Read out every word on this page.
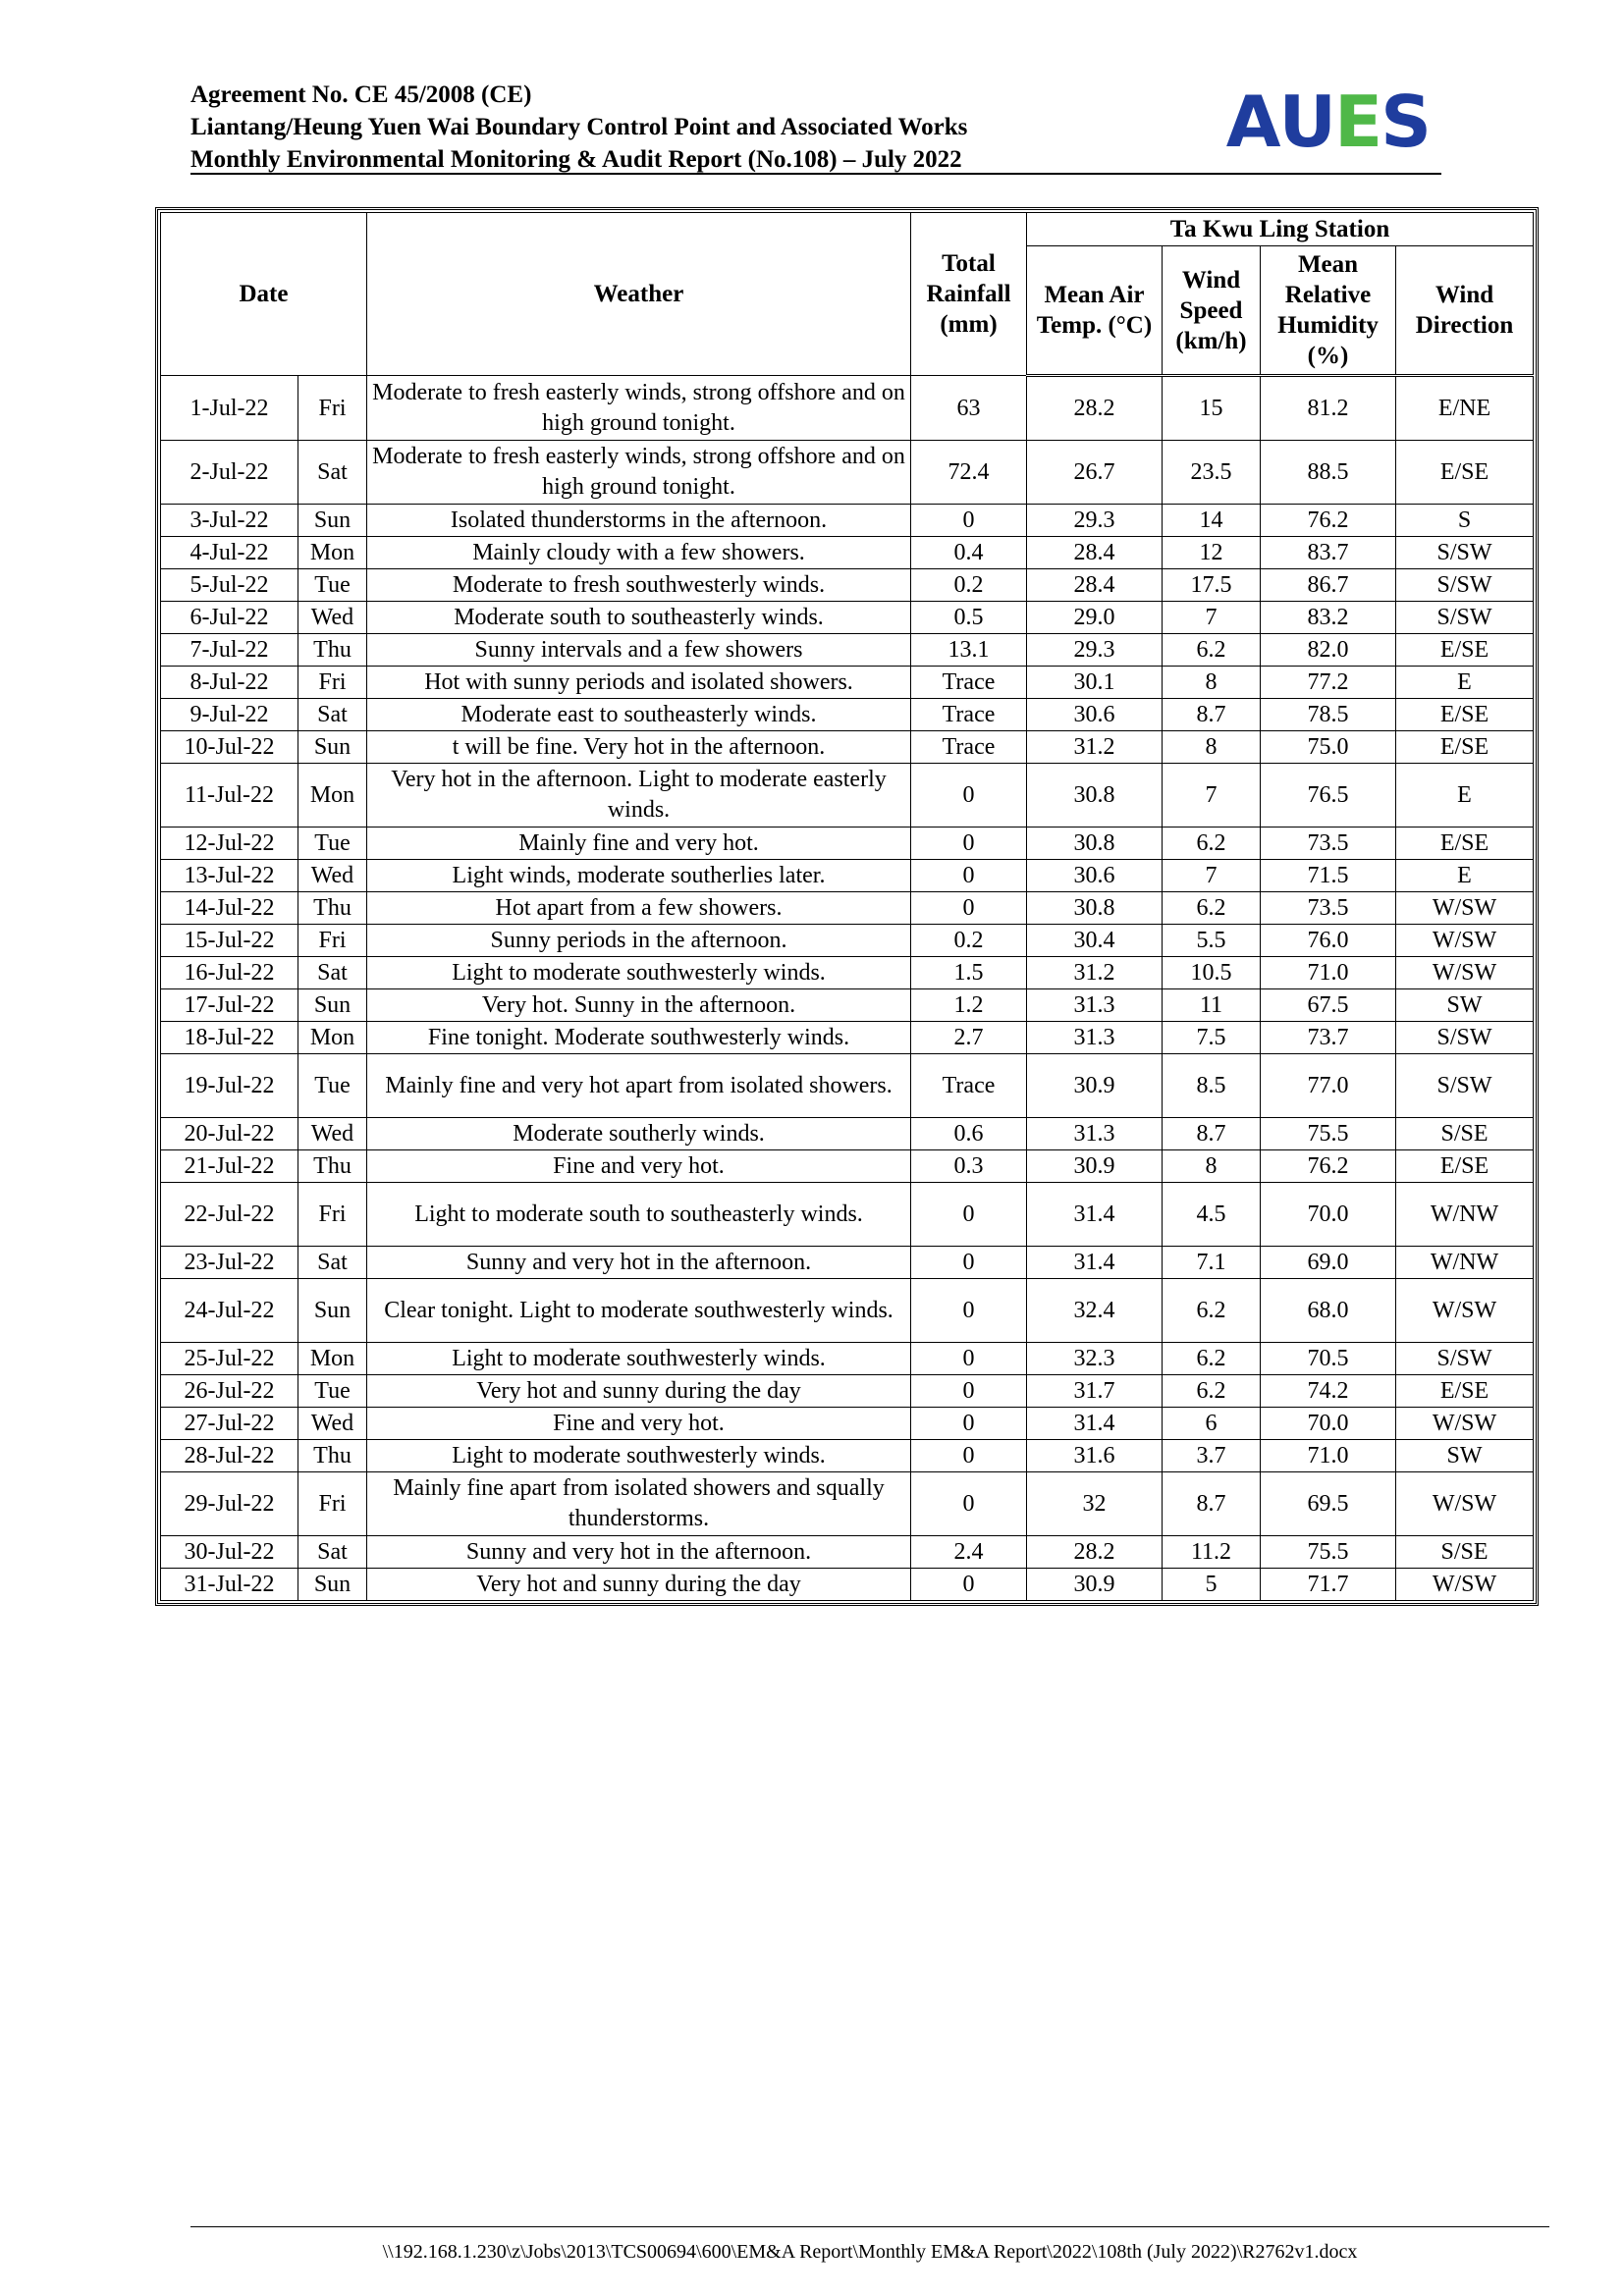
Agreement No. CE 45/2008 (CE)
Liantang/Heung Yuen Wai Boundary Control Point and Associated Works
Monthly Environmental Monitoring & Audit Report (No.108) – July 2022	AUES
Date		Weather	Total Rainfall (mm)	Ta Kwu Ling Station			
				Mean Air Temp. (°C)	Wind Speed (km/h)	Mean Relative Humidity (%)	Wind Direction
1-Jul-22	Fri	Moderate to fresh easterly winds, strong offshore and on high ground tonight.	63	28.2	15	81.2	E/NE
2-Jul-22	Sat	Moderate to fresh easterly winds, strong offshore and on high ground tonight.	72.4	26.7	23.5	88.5	E/SE
3-Jul-22	Sun	Isolated thunderstorms in the afternoon.	0	29.3	14	76.2	S
4-Jul-22	Mon	Mainly cloudy with a few showers.	0.4	28.4	12	83.7	S/SW
5-Jul-22	Tue	Moderate to fresh southwesterly winds.	0.2	28.4	17.5	86.7	S/SW
6-Jul-22	Wed	Moderate south to southeasterly winds.	0.5	29.0	7	83.2	S/SW
7-Jul-22	Thu	Sunny intervals and a few showers	13.1	29.3	6.2	82.0	E/SE
8-Jul-22	Fri	Hot with sunny periods and isolated showers.	Trace	30.1	8	77.2	E
9-Jul-22	Sat	Moderate east to southeasterly winds.	Trace	30.6	8.7	78.5	E/SE
10-Jul-22	Sun	t will be fine. Very hot in the afternoon.	Trace	31.2	8	75.0	E/SE
11-Jul-22	Mon	Very hot in the afternoon. Light to moderate easterly winds.	0	30.8	7	76.5	E
12-Jul-22	Tue	Mainly fine and very hot.	0	30.8	6.2	73.5	E/SE
13-Jul-22	Wed	Light winds, moderate southerlies later.	0	30.6	7	71.5	E
14-Jul-22	Thu	Hot apart from a few showers.	0	30.8	6.2	73.5	W/SW
15-Jul-22	Fri	Sunny periods in the afternoon.	0.2	30.4	5.5	76.0	W/SW
16-Jul-22	Sat	Light to moderate southwesterly winds.	1.5	31.2	10.5	71.0	W/SW
17-Jul-22	Sun	Very hot. Sunny in the afternoon.	1.2	31.3	11	67.5	SW
18-Jul-22	Mon	Fine tonight. Moderate southwesterly winds.	2.7	31.3	7.5	73.7	S/SW
19-Jul-22	Tue	Mainly fine and very hot apart from isolated showers.	Trace	30.9	8.5	77.0	S/SW
20-Jul-22	Wed	Moderate southerly winds.	0.6	31.3	8.7	75.5	S/SE
21-Jul-22	Thu	Fine and very hot.	0.3	30.9	8	76.2	E/SE
22-Jul-22	Fri	Light to moderate south to southeasterly winds.	0	31.4	4.5	70.0	W/NW
23-Jul-22	Sat	Sunny and very hot in the afternoon.	0	31.4	7.1	69.0	W/NW
24-Jul-22	Sun	Clear tonight. Light to moderate southwesterly winds.	0	32.4	6.2	68.0	W/SW
25-Jul-22	Mon	Light to moderate southwesterly winds.	0	32.3	6.2	70.5	S/SW
26-Jul-22	Tue	Very hot and sunny during the day	0	31.7	6.2	74.2	E/SE
27-Jul-22	Wed	Fine and very hot.	0	31.4	6	70.0	W/SW
28-Jul-22	Thu	Light to moderate southwesterly winds.	0	31.6	3.7	71.0	SW
29-Jul-22	Fri	Mainly fine apart from isolated showers and squally thunderstorms.	0	32	8.7	69.5	W/SW
30-Jul-22	Sat	Sunny and very hot in the afternoon.	2.4	28.2	11.2	75.5	S/SE
31-Jul-22	Sun	Very hot and sunny during the day	0	30.9	5	71.7	W/SW
\\192.168.1.230\z\Jobs\2013\TCS00694\600\EM&A Report\Monthly EM&A Report\2022\108th (July 2022)\R2762v1.docx
